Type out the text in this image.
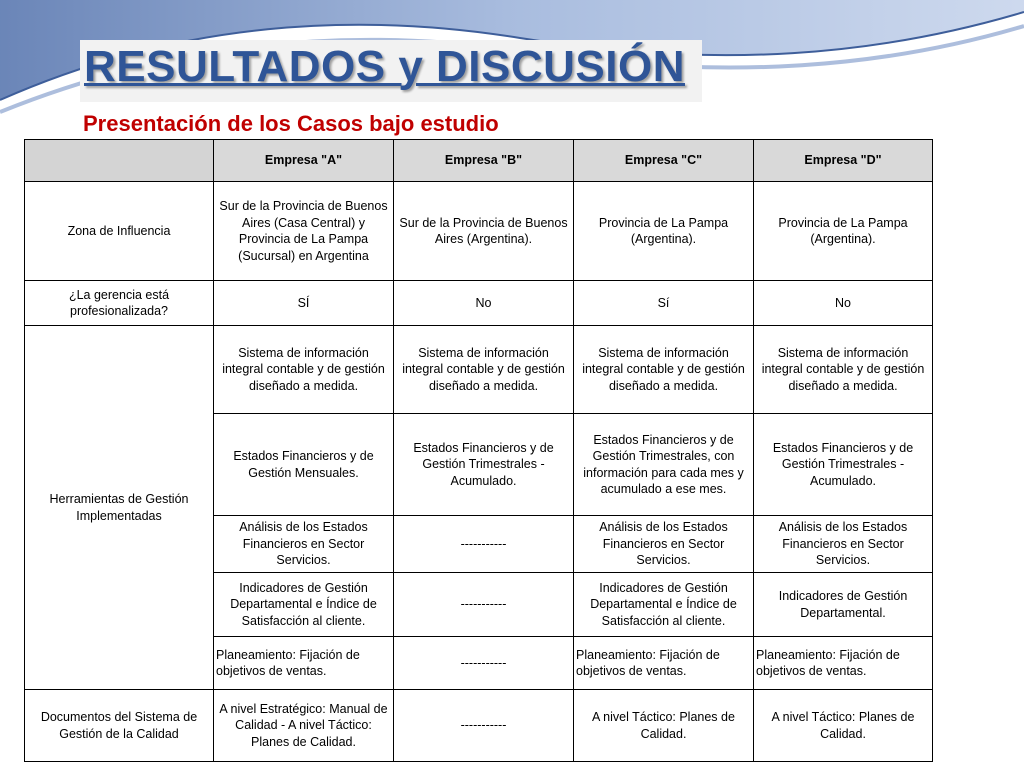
RESULTADOS y DISCUSIÓN
Presentación de los Casos bajo estudio
	Empresa "A"	Empresa "B"	Empresa "C"	Empresa "D"
Zona de Influencia	Sur de la Provincia de Buenos Aires (Casa Central) y Provincia de La Pampa (Sucursal) en Argentina	Sur de la Provincia de Buenos Aires (Argentina).	Provincia de La Pampa (Argentina).	Provincia de La Pampa (Argentina).
¿La gerencia está profesionalizada?	SÍ	No	Sí	No
Herramientas de Gestión Implementadas	Sistema de información integral contable y de gestión diseñado a medida.	Sistema de información integral contable y de gestión diseñado a medida.	Sistema de información integral contable y de gestión diseñado a medida.	Sistema de información integral contable y de gestión diseñado a medida.
	Estados Financieros y de Gestión Mensuales.	Estados Financieros y de Gestión Trimestrales - Acumulado.	Estados Financieros y de Gestión Trimestrales, con información para cada mes y acumulado a ese mes.	Estados Financieros y de Gestión Trimestrales - Acumulado.
	Análisis de los Estados Financieros en Sector Servicios.	-----------	Análisis de los Estados Financieros en Sector Servicios.	Análisis de los Estados Financieros en Sector Servicios.
	Indicadores de Gestión Departamental e Índice de Satisfacción al cliente.	-----------	Indicadores de Gestión Departamental e Índice de Satisfacción al cliente.	Indicadores de Gestión Departamental.
	Planeamiento: Fijación de objetivos de ventas.	-----------	Planeamiento: Fijación de objetivos de ventas.	Planeamiento: Fijación de objetivos de ventas.
Documentos del Sistema de Gestión de la Calidad	A nivel Estratégico: Manual de Calidad - A nivel Táctico: Planes de Calidad.	-----------	A nivel Táctico: Planes de Calidad.	A nivel Táctico: Planes de Calidad.
